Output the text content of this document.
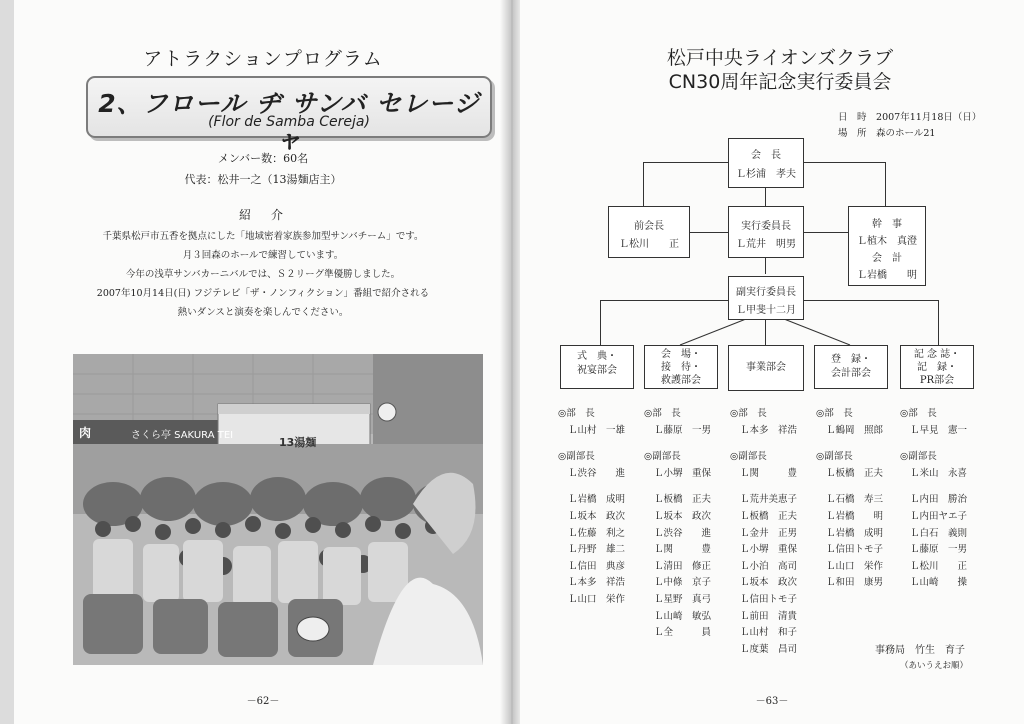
アトラクションプログラム
2、フロール ヂ サンバ セレージャ
(Flor de Samba Cereja)
メンバー数：60名
代表：松井一之（13湯麺店主）
紹　介
千葉県松戸市五香を拠点にした「地域密着家族参加型サンバチーム」です。
月３回森のホールで練習しています。
今年の浅草サンバカーニバルでは、Ｓ２リーグ準優勝しました。
2007年10月14日(日) フジテレビ「ザ・ノンフィクション」番組で紹介される
熱いダンスと演奏を楽しんでください。
肉	さくら亭 SAKURA TEI
13湯麺
－62－
松戸中央ライオンズクラブ
CN30周年記念実行委員会
日　時　 2007年11月18日（日）
場　所　 森のホール21
会　長
Ｌ杉浦　孝夫
前会長
Ｌ松川　　正
実行委員長
Ｌ荒井　明男
幹　事
Ｌ植木　真澄
会　計
Ｌ岩橋　　明
副実行委員長
Ｌ甲斐十二月
式　典・
祝宴部会
会　場・
接　待・
救護部会
事業部会
登　録・
会計部会
記 念 誌・
記　録・
PR部会
◎部　長
Ｌ山村　一雄
◎副部長
Ｌ渋谷　　進
Ｌ岩橋　成明
Ｌ坂本　政次
Ｌ佐藤　利之
Ｌ丹野　雄二
Ｌ信田　典彦
Ｌ本多　祥浩
Ｌ山口　栄作
◎部　長
Ｌ藤原　一男
◎副部長
Ｌ小堺　重保
Ｌ板橋　正夫
Ｌ坂本　政次
Ｌ渋谷　　進
Ｌ関　　　豊
Ｌ清田　修正
Ｌ中條　京子
Ｌ星野　真弓
Ｌ山崎　敏弘
Ｌ全　　　員
◎部　長
Ｌ本多　祥浩
◎副部長
Ｌ関　　　豊
Ｌ荒井美恵子
Ｌ板橋　正夫
Ｌ金井　正男
Ｌ小堺　重保
Ｌ小泊　高司
Ｌ坂本　政次
Ｌ信田トモ子
Ｌ前田　清貴
Ｌ山村　和子
Ｌ度葉　昌司
◎部　長
Ｌ鶴岡　照郎
◎副部長
Ｌ板橋　正夫
Ｌ石橋　寿三
Ｌ岩橋　　明
Ｌ岩橋　成明
Ｌ信田トモ子
Ｌ山口　栄作
Ｌ和田　康男
◎部　長
Ｌ早見　憲一
◎副部長
Ｌ米山　永喜
Ｌ内田　勝治
Ｌ内田ヤエ子
Ｌ白石　義則
Ｌ藤原　一男
Ｌ松川　　正
Ｌ山崎　　操
事務局　竹生　育子
（あいうえお順）
－63－
